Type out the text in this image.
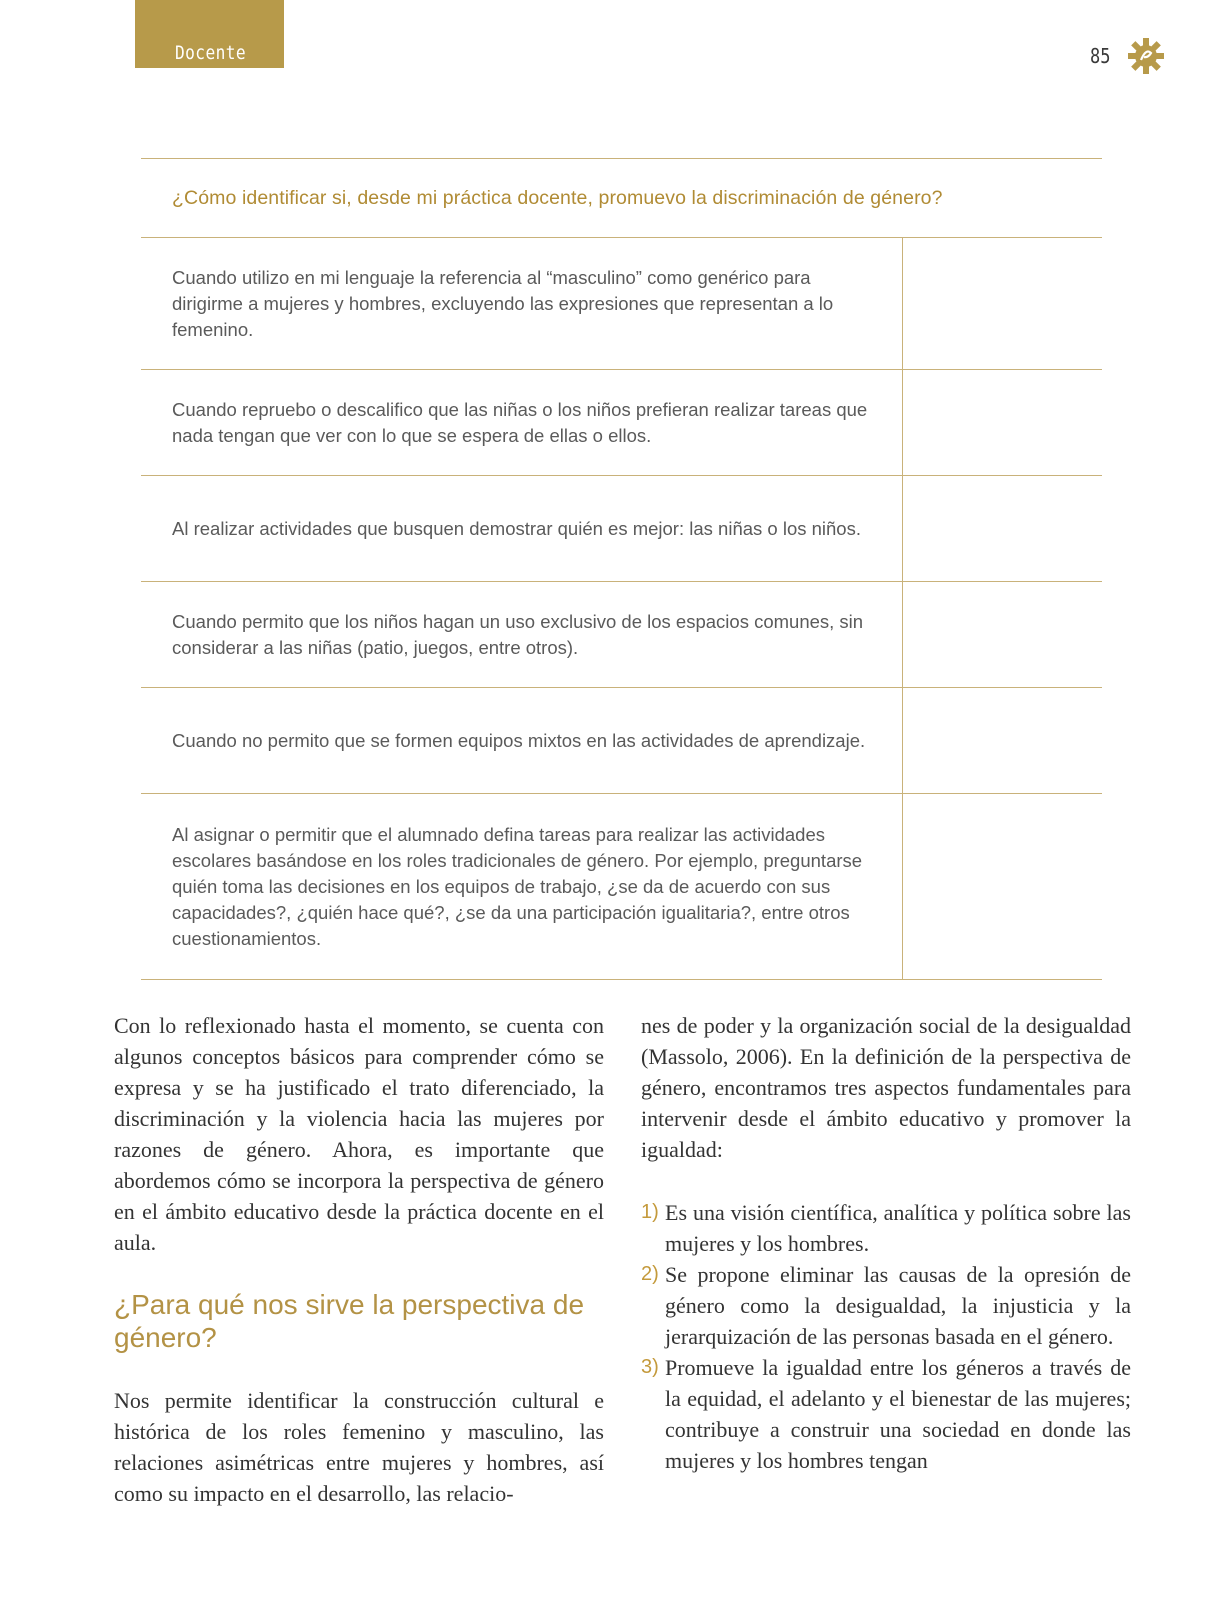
Docente	85
¿Cómo identificar si, desde mi práctica docente, promuevo la discriminación de género?
Cuando utilizo en mi lenguaje la referencia al “masculino” como genérico para dirigirme a mujeres y hombres, excluyendo las expresiones que representan a lo femenino.
Cuando repruebo o descalifico que las niñas o los niños prefieran realizar tareas que nada tengan que ver con lo que se espera de ellas o ellos.
Al realizar actividades que busquen demostrar quién es mejor: las niñas o los niños.
Cuando permito que los niños hagan un uso exclusivo de los espacios comunes, sin considerar a las niñas (patio, juegos, entre otros).
Cuando no permito que se formen equipos mixtos en las actividades de aprendizaje.
Al asignar o permitir que el alumnado defina tareas para realizar las actividades escolares basándose en los roles tradicionales de género. Por ejemplo, preguntarse quién toma las decisiones en los equipos de trabajo, ¿se da de acuerdo con sus capacidades?, ¿quién hace qué?, ¿se da una participación igualitaria?, entre otros cuestionamientos.

Con lo reflexionado hasta el momento, se cuenta con algunos conceptos básicos para comprender cómo se expresa y se ha justificado el trato diferenciado, la discriminación y la violencia hacia las mujeres por razones de género. Ahora, es importante que abordemos cómo se incorpora la perspectiva de género en el ámbito educativo desde la práctica docente en el aula.

¿Para qué nos sirve la perspectiva de género?

Nos permite identificar la construcción cultural e histórica de los roles femenino y masculino, las relaciones asimétricas entre mujeres y hombres, así como su impacto en el desarrollo, las relacio-

nes de poder y la organización social de la desigualdad (Massolo, 2006). En la definición de la perspectiva de género, encontramos tres aspectos fundamentales para intervenir desde el ámbito educativo y promover la igualdad:

1) Es una visión científica, analítica y política sobre las mujeres y los hombres.
2) Se propone eliminar las causas de la opresión de género como la desigualdad, la injusticia y la jerarquización de las personas basada en el género.
3) Promueve la igualdad entre los géneros a través de la equidad, el adelanto y el bienestar de las mujeres; contribuye a construir una sociedad en donde las mujeres y los hombres tengan
